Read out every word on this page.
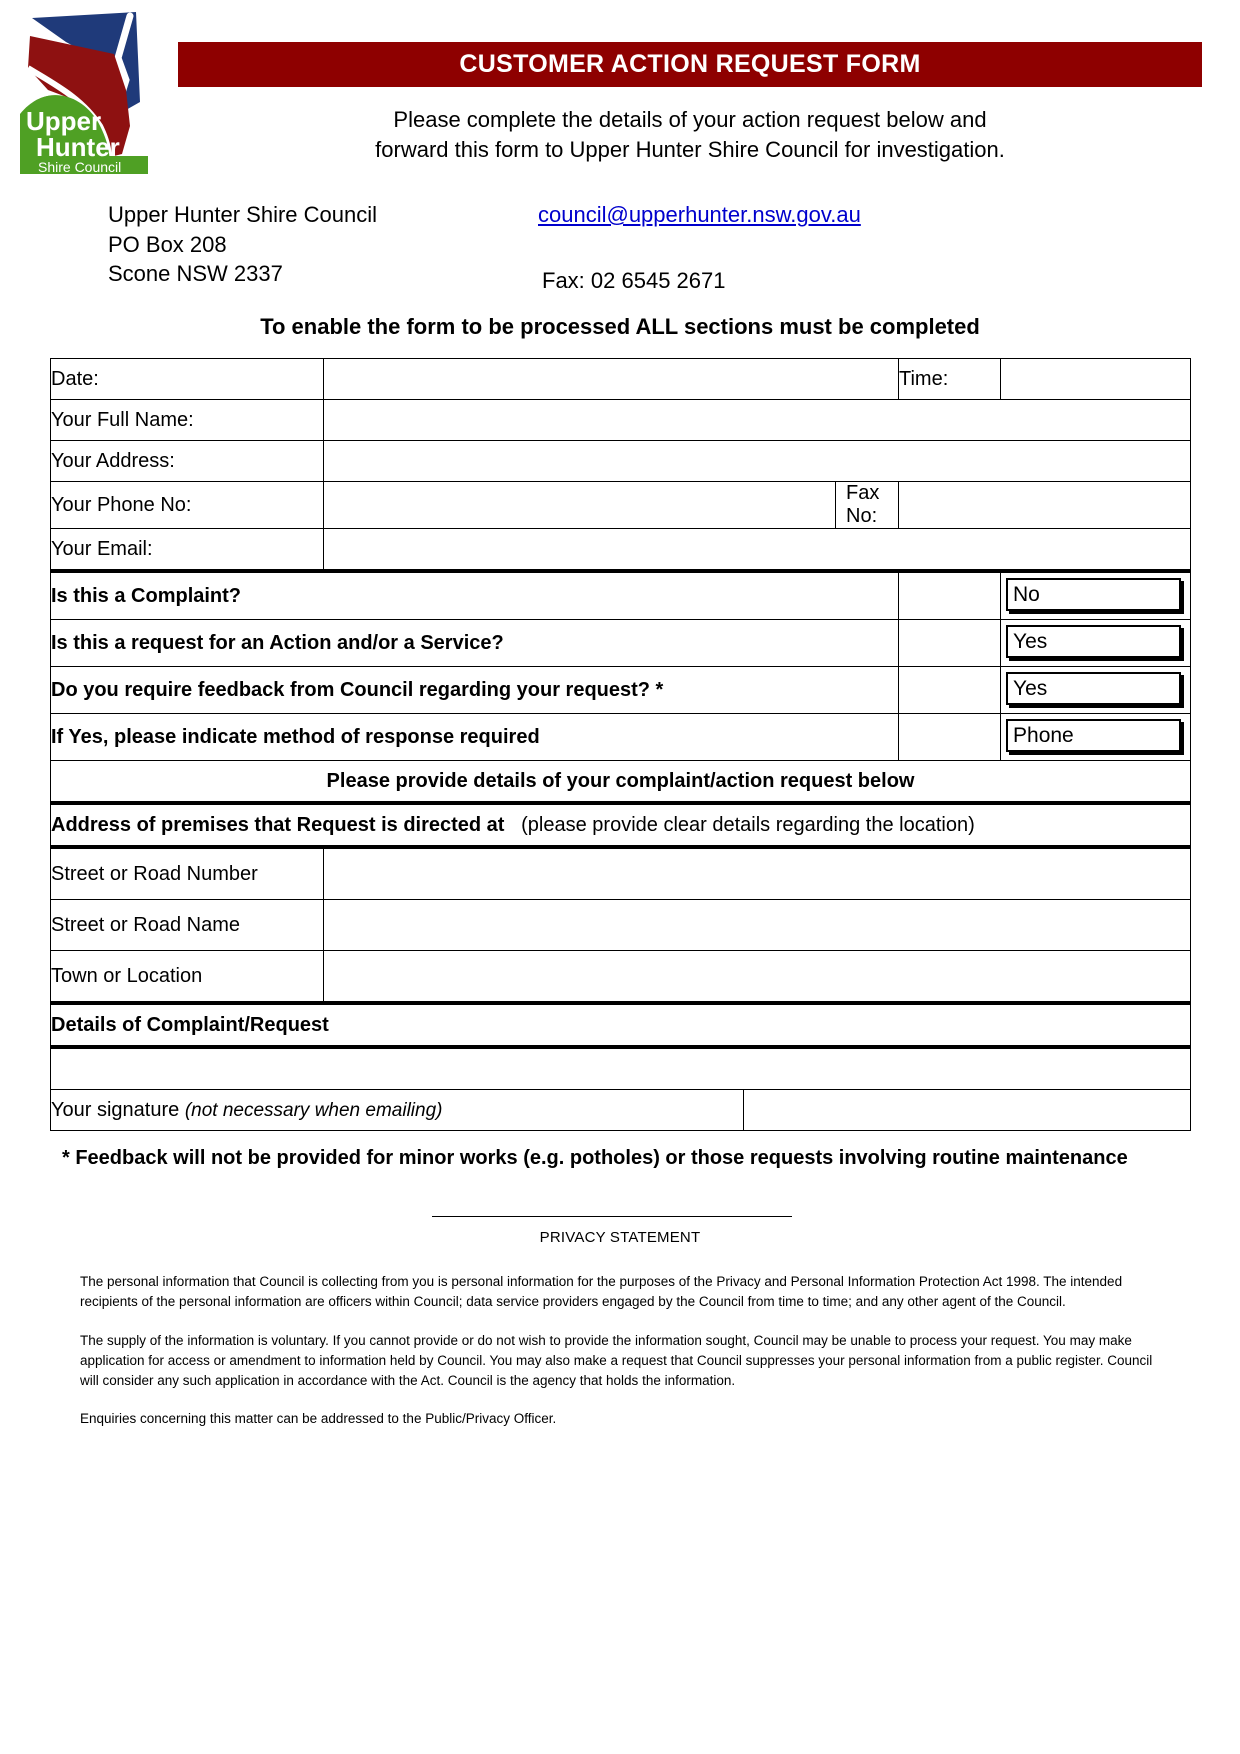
Upper
Hunter
Shire Council
CUSTOMER ACTION REQUEST FORM
Please complete the details of your action request below and
forward this form to Upper Hunter Shire Council for investigation.
Upper Hunter Shire Council
PO Box 208
Scone NSW 2337
council@upperhunter.nsw.gov.au
Fax: 02 6545 2671
To enable the form to be processed ALL sections must be completed
Date:				Time:	
Your Full Name:					
Your Address:					
Your Phone No:			Fax No:		
Your Email:					
Is this a Complaint?					No

Is this a request for an Action and/or a Service?					Yes

Do you require feedback from Council regarding your request? *					Yes

If Yes, please indicate method of response required					Phone

Please provide details of your complaint/action request below					
Address of premises that Request is directed at (please provide clear details regarding the location)					
Street or Road Number					
Street or Road Name					
Town or Location					
Details of Complaint/Request					

Your signature (not necessary when emailing)					
* Feedback will not be provided for minor works (e.g. potholes) or those requests involving routine maintenance
PRIVACY STATEMENT

The personal information that Council is collecting from you is personal information for the purposes of the Privacy and Personal Information Protection Act 1998. The intended recipients of the personal information are officers within Council; data service providers engaged by the Council from time to time; and any other agent of the Council.

The supply of the information is voluntary. If you cannot provide or do not wish to provide the information sought, Council may be unable to process your request. You may make application for access or amendment to information held by Council. You may also make a request that Council suppresses your personal information from a public register. Council will consider any such application in accordance with the Act. Council is the agency that holds the information.

Enquiries concerning this matter can be addressed to the Public/Privacy Officer.
